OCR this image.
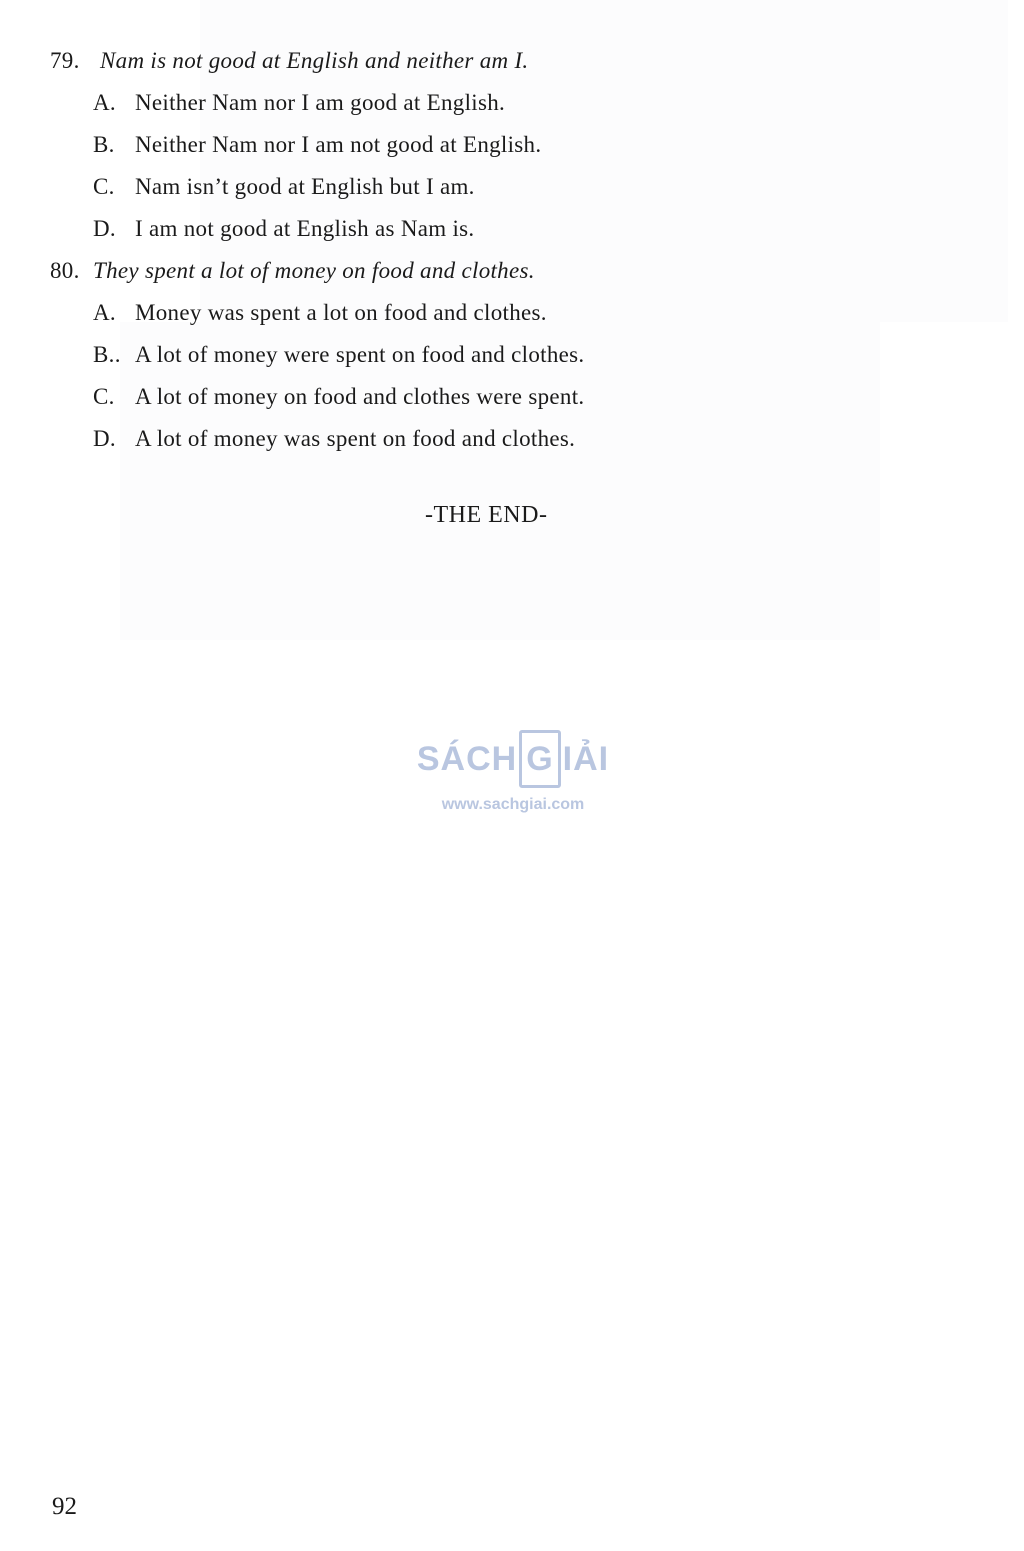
79. Nam is not good at English and neither am I.
A. Neither Nam nor I am good at English.
B. Neither Nam nor I am not good at English.
C. Nam isn’t good at English but I am.
D. I am not good at English as Nam is.
80. They spent a lot of money on food and clothes.
A. Money was spent a lot on food and clothes.
B.. A lot of money were spent on food and clothes.
C. A lot of money on food and clothes were spent.
D. A lot of money was spent on food and clothes.
-THE END-
SÁCH G IẢI
www.sachgiai.com
92
